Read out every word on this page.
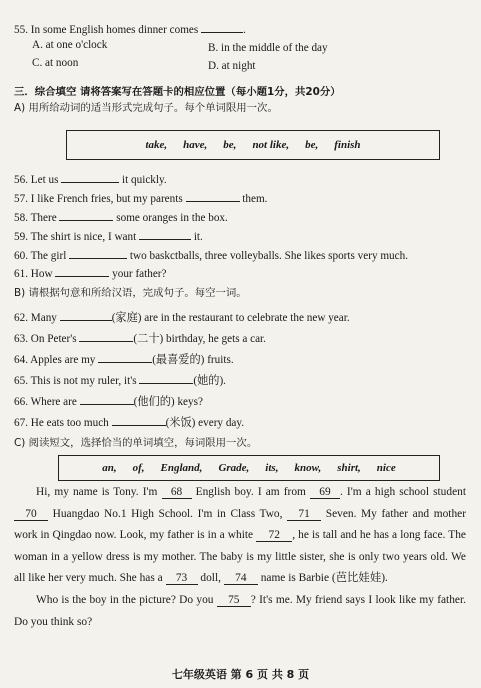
55. In some English homes dinner comes	.
A. at one o'clock	B. in the middle of the day
C. at noon	D. at night
三．综合填空 请将答案写在答题卡的相应位置（每小题1分，共20分）
A) 用所给动词的适当形式完成句子。每个单词限用一次。
take, have, be, not like, be, finish
56. Let us	it quickly.
57. I like French fries, but my parents	them.
58. There	some oranges in the box.
59. The shirt is nice, I want	it.
60. The girl	two baskctballs, three volleyballs. She likes sports very much.
61. How	your father?
B) 请根据句意和所给汉语，完成句子。每空一词。
62. Many	(家庭) are in the restaurant to celebrate the new year.
63. On Peter's	(二十) birthday, he gets a car.
64. Apples are my	(最喜爱的) fruits.
65. This is not my ruler, it's	(她的).
66. Where are	(他们的) keys?
67. He eats too much	(米饭) every day.
C) 阅读短文，选择恰当的单词填空，每词限用一次。
an, of, England, Grade, its, know, shirt, nice
Hi, my name is Tony. I'm 68 English boy. I am from 69 . I'm a high school student 70 Huangdao No.1 High School. I'm in Class Two, 71 Seven. My father and mother work in Qingdao now. Look, my father is in a white 72 , he is tall and he has a long face. The woman in a yellow dress is my mother. The baby is my little sister, she is only two years old. We all like her very much. She has a 73 doll, 74 name is Barbie (芭比娃娃).
Who is the boy in the picture? Do you 75 ? It's me. My friend says I look like my father. Do you think so?
七年级英语 第 6 页 共 8 页
